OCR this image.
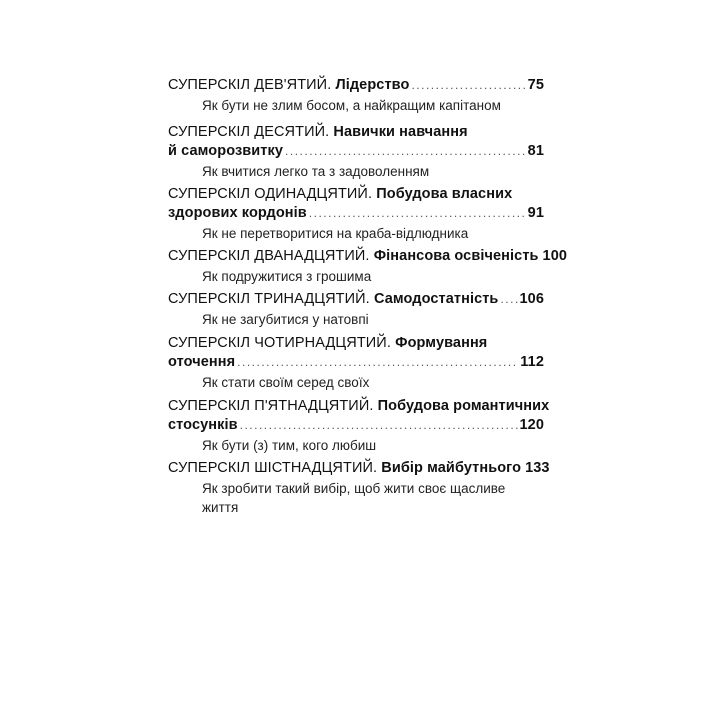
СУПЕРСКІЛ ДЕВ'ЯТИЙ. Лідерство .....	75
Як бути не злим босом, а найкращим капітаном
СУПЕРСКІЛ ДЕСЯТИЙ. Навички навчання
й саморозвитку .....	81
Як вчитися легко та з задоволенням
СУПЕРСКІЛ ОДИНАДЦЯТИЙ. Побудова власних
здорових кордонів .....	91
Як не перетворитися на краба-відлюдника
СУПЕРСКІЛ ДВАНАДЦЯТИЙ. Фінансова освіченість 100
Як подружитися з грошима
СУПЕРСКІЛ ТРИНАДЦЯТИЙ. Самодостатність ..... 106
Як не загубитися у натовпі
СУПЕРСКІЛ ЧОТИРНАДЦЯТИЙ. Формування
оточення .....	112
Як стати своїм серед своїх
СУПЕРСКІЛ П'ЯТНАДЦЯТИЙ. Побудова романтичних
стосунків .....	120
Як бути (з) тим, кого любиш
СУПЕРСКІЛ ШІСТНАДЦЯТИЙ. Вибір майбутнього 133
Як зробити такий вибір, щоб жити своє щасливе
життя
